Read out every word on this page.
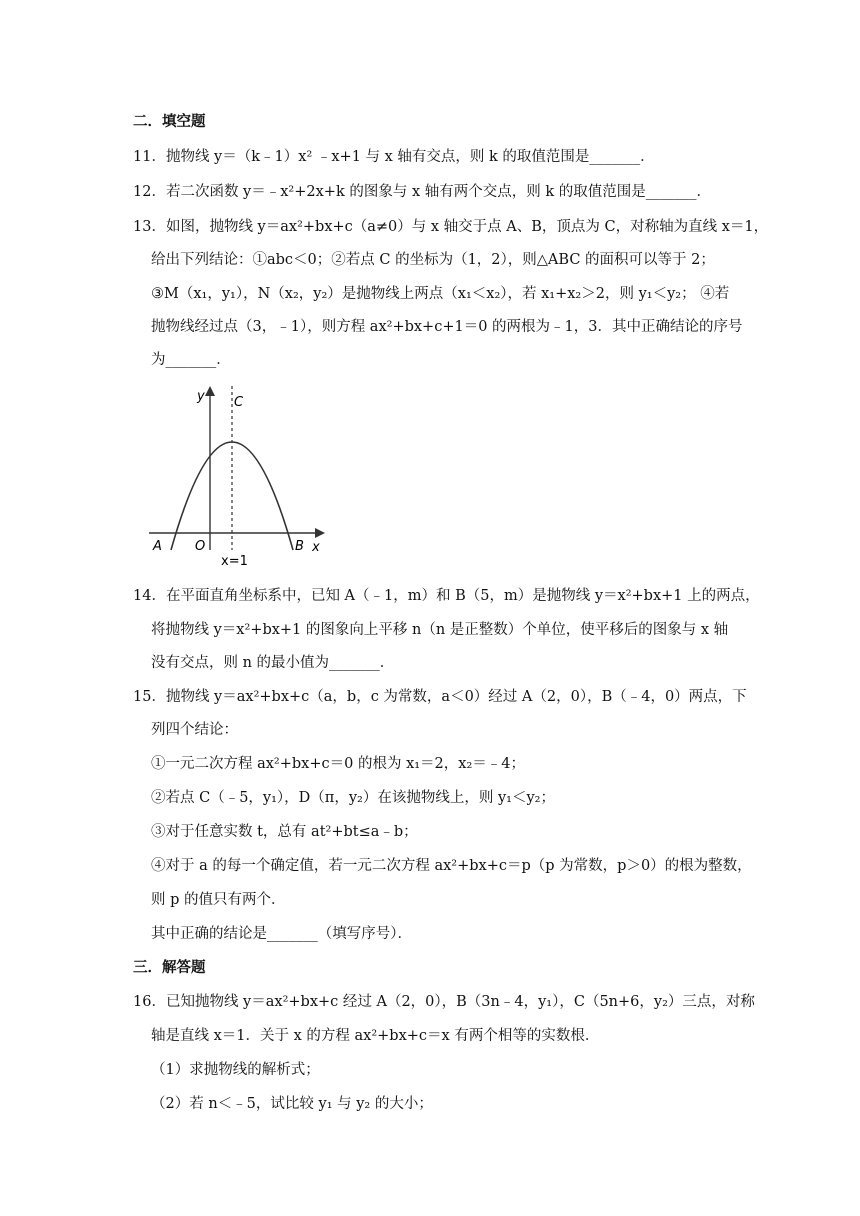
二．填空题
11．抛物线 y＝（k﹣1）x² ﹣x+1 与 x 轴有交点，则 k 的取值范围是_______．
12．若二次函数 y＝﹣x²+2x+k 的图象与 x 轴有两个交点，则 k 的取值范围是_______．
13．如图，抛物线 y＝ax²+bx+c（a≠0）与 x 轴交于点 A、B，顶点为 C，对称轴为直线 x＝1，
给出下列结论：①abc＜0；②若点 C 的坐标为（1，2），则△ABC 的面积可以等于 2；
③M（x₁，y₁），N（x₂，y₂）是抛物线上两点（x₁＜x₂），若 x₁+x₂＞2，则 y₁＜y₂； ④若
抛物线经过点（3，﹣1），则方程 ax²+bx+c+1＝0 的两根为﹣1，3．其中正确结论的序号
为_______．
y C
A	O	B x
x=1
14．在平面直角坐标系中，已知 A（﹣1，m）和 B（5，m）是抛物线 y＝x²+bx+1 上的两点，
将抛物线 y＝x²+bx+1 的图象向上平移 n（n 是正整数）个单位，使平移后的图象与 x 轴
没有交点，则 n 的最小值为_______．
15．抛物线 y＝ax²+bx+c（a，b，c 为常数，a＜0）经过 A（2，0），B（﹣4，0）两点，下
列四个结论：
①一元二次方程 ax²+bx+c＝0 的根为 x₁＝2，x₂＝﹣4；
②若点 C（﹣5，y₁），D（π，y₂）在该抛物线上，则 y₁＜y₂；
③对于任意实数 t，总有 at²+bt≤a﹣b；
④对于 a 的每一个确定值，若一元二次方程 ax²+bx+c＝p（p 为常数，p＞0）的根为整数，
则 p 的值只有两个．
其中正确的结论是_______（填写序号）．
三．解答题
16．已知抛物线 y＝ax²+bx+c 经过 A（2，0），B（3n﹣4，y₁），C（5n+6，y₂）三点，对称
轴是直线 x＝1．关于 x 的方程 ax²+bx+c＝x 有两个相等的实数根．
（1）求抛物线的解析式；
（2）若 n＜﹣5，试比较 y₁ 与 y₂ 的大小；
